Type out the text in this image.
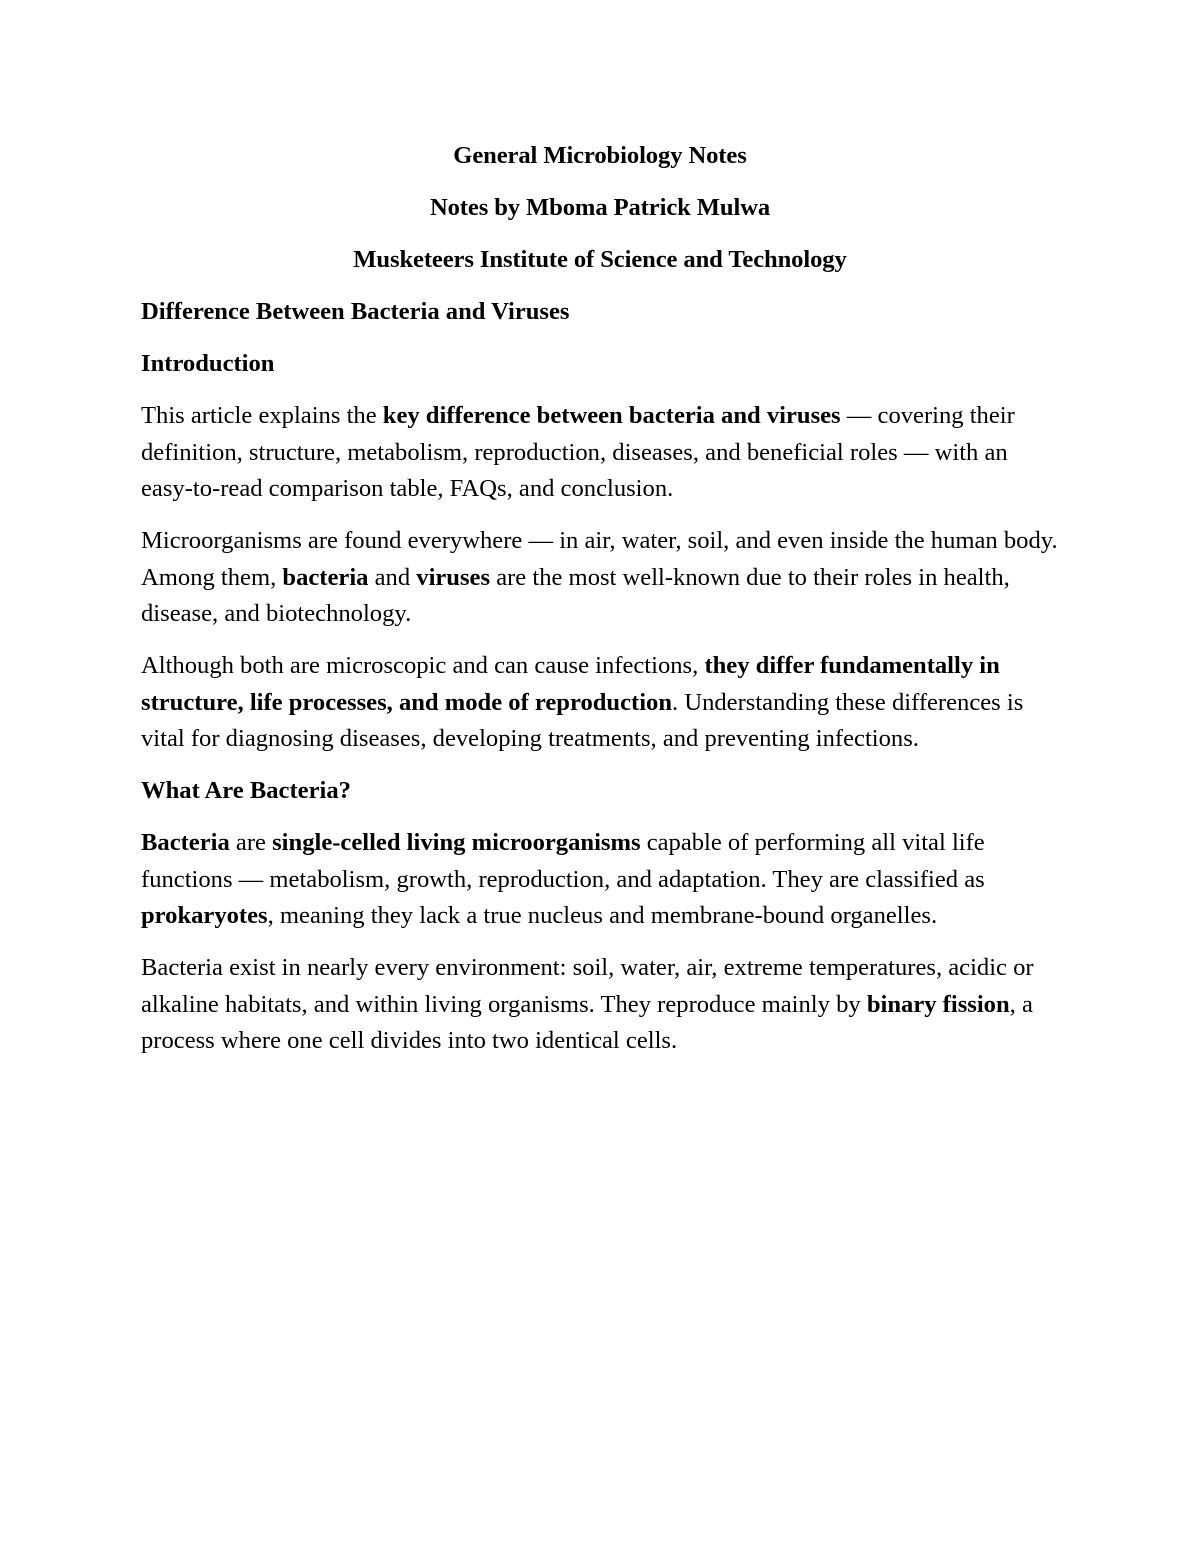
General Microbiology Notes
Notes by Mboma Patrick Mulwa
Musketeers Institute of Science and Technology
Difference Between Bacteria and Viruses
Introduction

This article explains the key difference between bacteria and viruses — covering their definition, structure, metabolism, reproduction, diseases, and beneficial roles — with an easy-to-read comparison table, FAQs, and conclusion.

Microorganisms are found everywhere — in air, water, soil, and even inside the human body. Among them, bacteria and viruses are the most well-known due to their roles in health, disease, and biotechnology.

Although both are microscopic and can cause infections, they differ fundamentally in structure, life processes, and mode of reproduction. Understanding these differences is vital for diagnosing diseases, developing treatments, and preventing infections.

What Are Bacteria?

Bacteria are single-celled living microorganisms capable of performing all vital life functions — metabolism, growth, reproduction, and adaptation. They are classified as prokaryotes, meaning they lack a true nucleus and membrane-bound organelles.

Bacteria exist in nearly every environment: soil, water, air, extreme temperatures, acidic or alkaline habitats, and within living organisms. They reproduce mainly by binary fission, a process where one cell divides into two identical cells.
